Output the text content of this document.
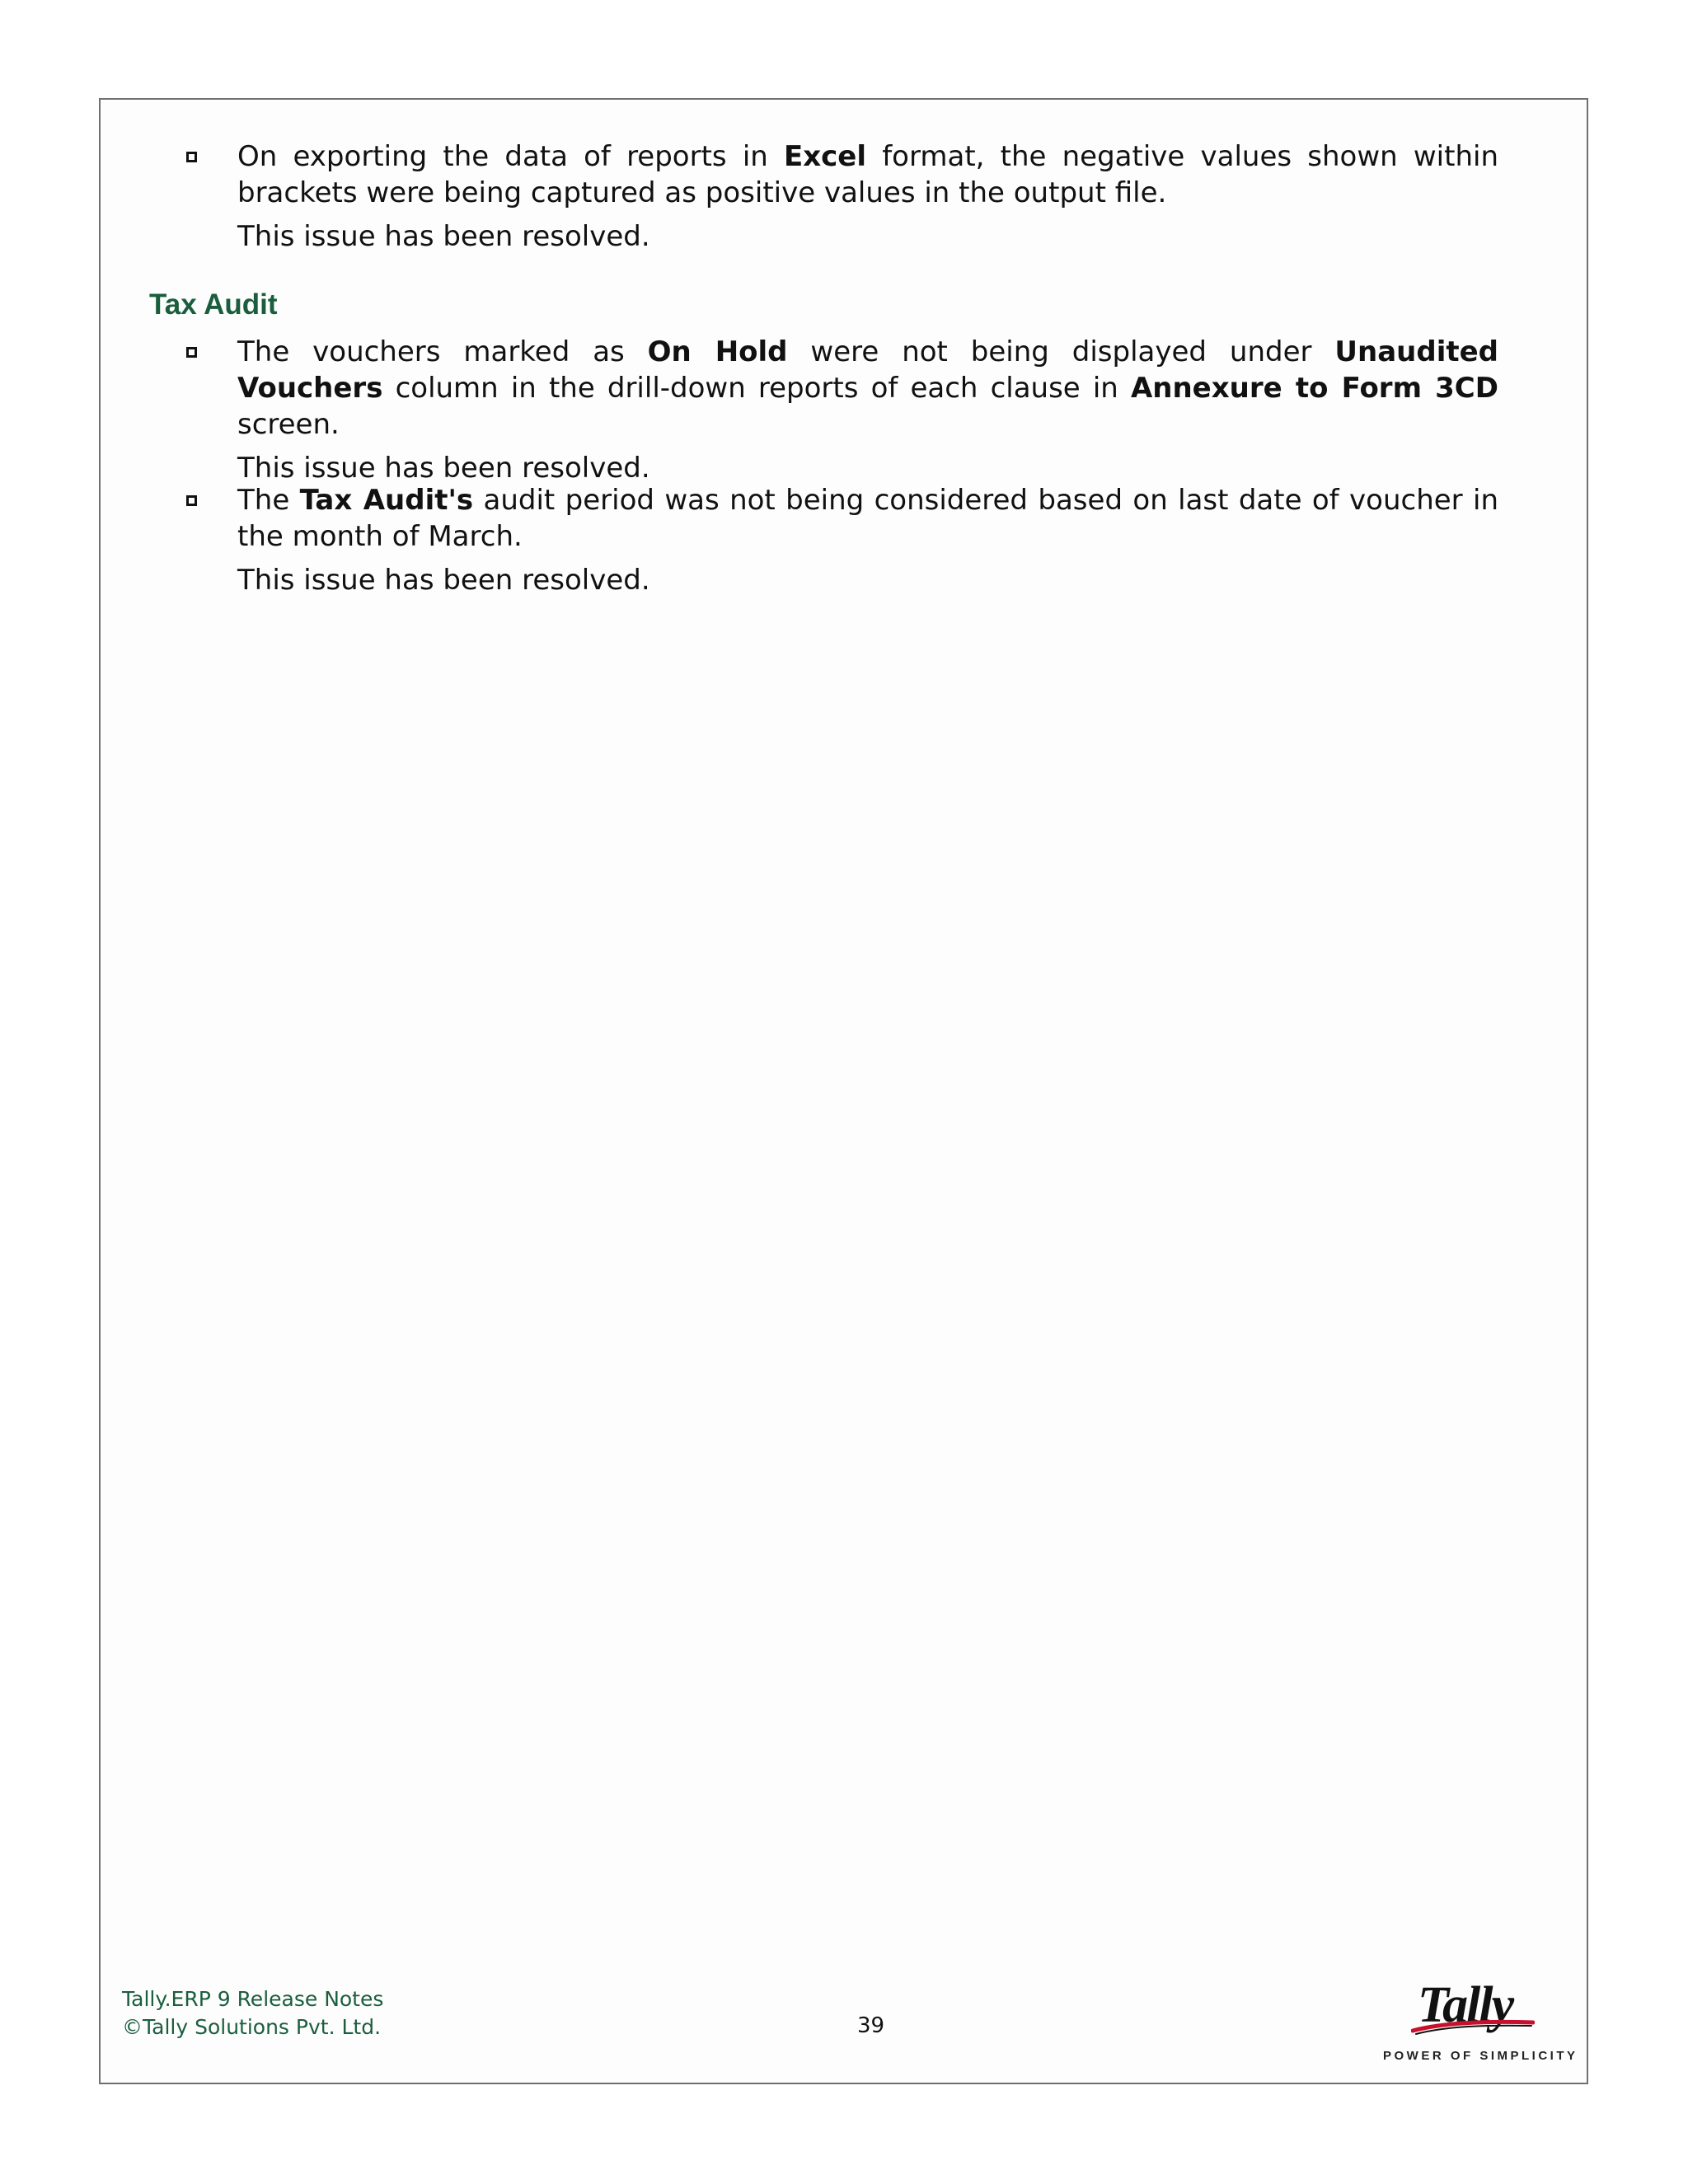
On exporting the data of reports in Excel format, the negative values shown within brackets were being captured as positive values in the output file.

This issue has been resolved.

Tax Audit

The vouchers marked as On Hold were not being displayed under Unaudited Vouchers column in the drill-down reports of each clause in Annexure to Form 3CD screen.

This issue has been resolved.

The Tax Audit's audit period was not being considered based on last date of voucher in the month of March.

This issue has been resolved.

Tally.ERP 9 Release Notes
©Tally Solutions Pvt. Ltd.	39	Tally
POWER OF SIMPLICITY
